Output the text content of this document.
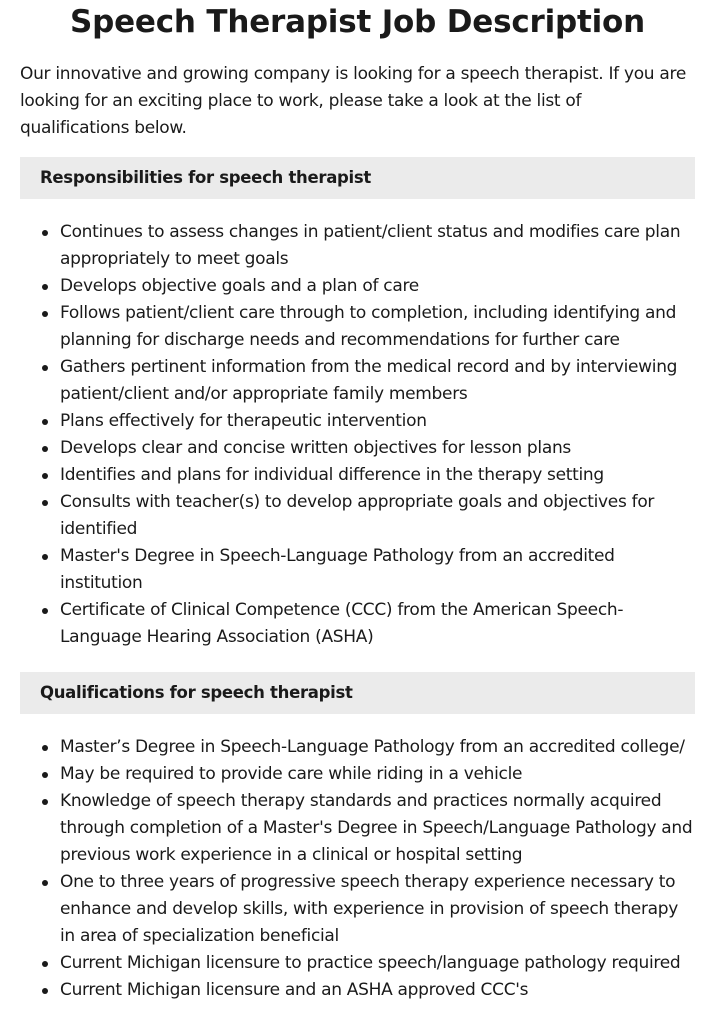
Speech Therapist Job Description

Our innovative and growing company is looking for a speech therapist. If you are looking for an exciting place to work, please take a look at the list of qualifications below.

Responsibilities for speech therapist
Continues to assess changes in patient/client status and modifies care plan appropriately to meet goals
Develops objective goals and a plan of care
Follows patient/client care through to completion, including identifying and planning for discharge needs and recommendations for further care
Gathers pertinent information from the medical record and by interviewing patient/client and/or appropriate family members
Plans effectively for therapeutic intervention
Develops clear and concise written objectives for lesson plans
Identifies and plans for individual difference in the therapy setting
Consults with teacher(s) to develop appropriate goals and objectives for identified
Master's Degree in Speech-Language Pathology from an accredited institution
Certificate of Clinical Competence (CCC) from the American Speech-Language Hearing Association (ASHA)
Qualifications for speech therapist
Master’s Degree in Speech-Language Pathology from an accredited college/
May be required to provide care while riding in a vehicle
Knowledge of speech therapy standards and practices normally acquired through completion of a Master's Degree in Speech/Language Pathology and previous work experience in a clinical or hospital setting
One to three years of progressive speech therapy experience necessary to enhance and develop skills, with experience in provision of speech therapy in area of specialization beneficial
Current Michigan licensure to practice speech/language pathology required
Current Michigan licensure and an ASHA approved CCC's
